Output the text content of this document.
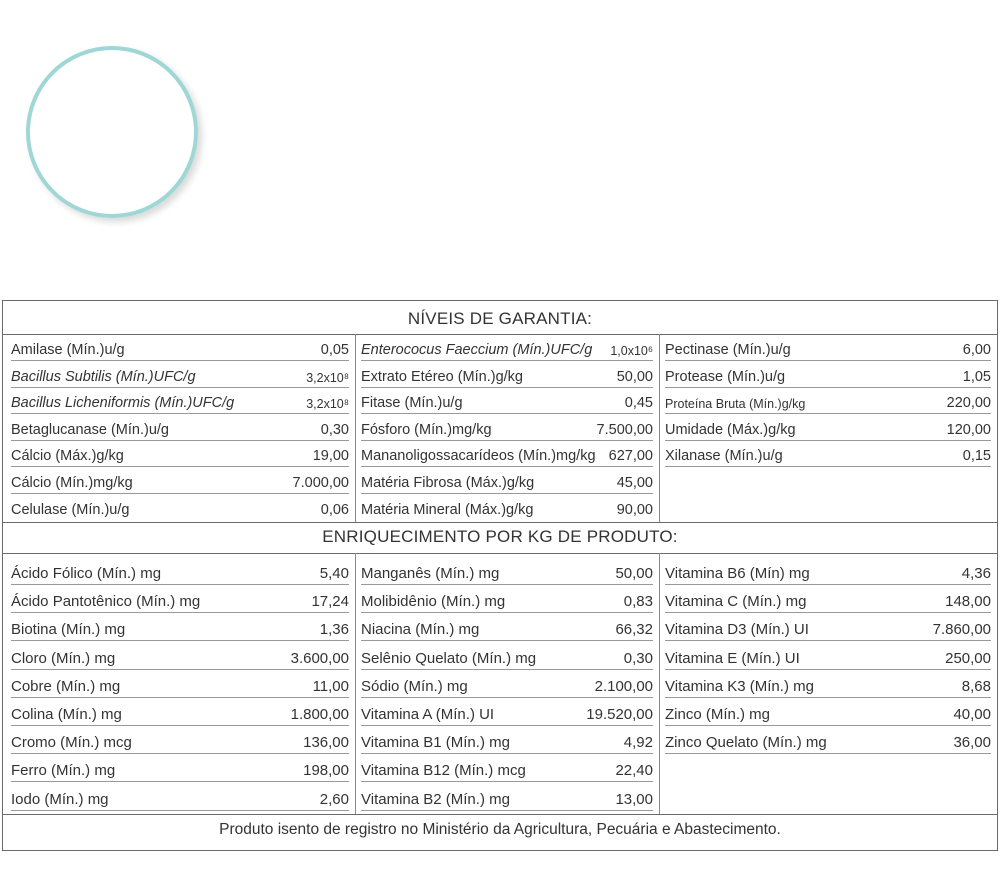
NÍVEIS DE GARANTIA:
Amilase (Mín.)u/g	0,05
Bacillus Subtilis (Mín.)UFC/g	3,2x10⁸
Bacillus Licheniformis (Mín.)UFC/g	3,2x10⁸
Betaglucanase (Mín.)u/g	0,30
Cálcio (Máx.)g/kg	19,00
Cálcio (Mín.)mg/kg	7.000,00
Celulase (Mín.)u/g	0,06
Enterococus Faeccium (Mín.)UFC/g	1,0x10⁶
Extrato Etéreo (Mín.)g/kg	50,00
Fitase (Mín.)u/g	0,45
Fósforo (Mín.)mg/kg	7.500,00
Mananoligossacarídeos (Mín.)mg/kg 627,00
Matéria Fibrosa (Máx.)g/kg	45,00
Matéria Mineral (Máx.)g/kg	90,00
Pectinase (Mín.)u/g	6,00
Protease (Mín.)u/g	1,05
Proteína Bruta (Mín.)g/kg	220,00
Umidade (Máx.)g/kg	120,00
Xilanase (Mín.)u/g	0,15
ENRIQUECIMENTO POR KG DE PRODUTO:
Ácido Fólico (Mín.) mg	5,40
Ácido Pantotênico (Mín.) mg	17,24
Biotina (Mín.) mg	1,36
Cloro (Mín.) mg	3.600,00
Cobre (Mín.) mg	11,00
Colina (Mín.) mg	1.800,00
Cromo (Mín.) mcg	136,00
Ferro (Mín.) mg	198,00
Iodo (Mín.) mg	2,60
Manganês (Mín.) mg	50,00
Molibidênio (Mín.) mg	0,83
Niacina (Mín.) mg	66,32
Selênio Quelato (Mín.) mg	0,30
Sódio (Mín.) mg	2.100,00
Vitamina A (Mín.) UI	19.520,00
Vitamina B1 (Mín.) mg	4,92
Vitamina B12 (Mín.) mcg	22,40
Vitamina B2 (Mín.) mg	13,00
Vitamina B6 (Mín) mg	4,36
Vitamina C (Mín.) mg	148,00
Vitamina D3 (Mín.) UI	7.860,00
Vitamina E (Mín.) UI	250,00
Vitamina K3 (Mín.) mg	8,68
Zinco (Mín.) mg	40,00
Zinco Quelato (Mín.) mg	36,00
Produto isento de registro no Ministério da Agricultura, Pecuária e Abastecimento.
